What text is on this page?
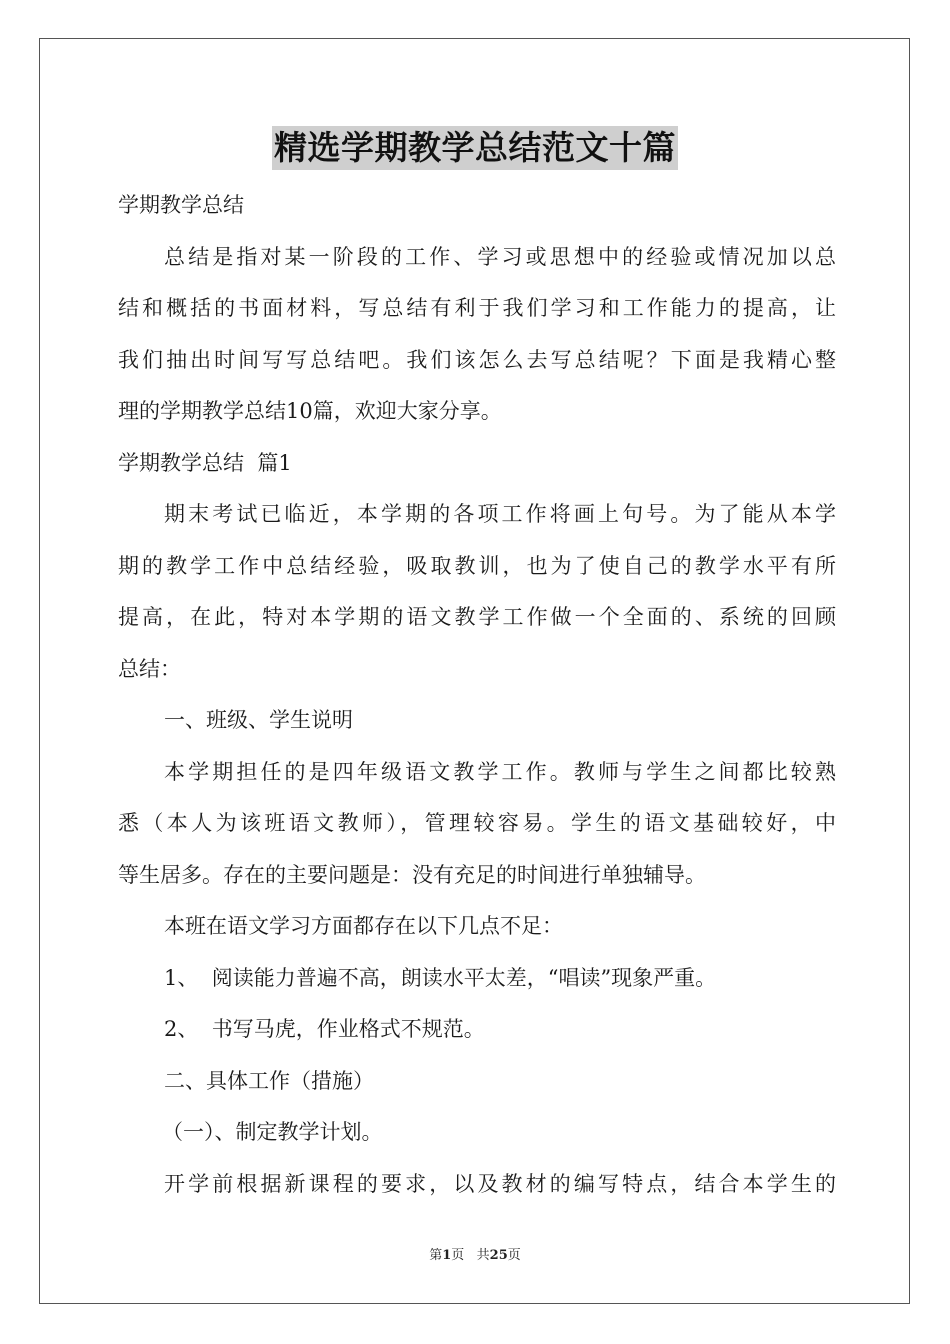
精选学期教学总结范文十篇
学期教学总结
总结是指对某一阶段的工作、学习或思想中的经验或情况加以总
结和概括的书面材料，写总结有利于我们学习和工作能力的提高，让
我们抽出时间写写总结吧。我们该怎么去写总结呢？下面是我精心整
理的学期教学总结10篇，欢迎大家分享。
学期教学总结  篇1
期末考试已临近，本学期的各项工作将画上句号。为了能从本学
期的教学工作中总结经验，吸取教训，也为了使自己的教学水平有所
提高，在此，特对本学期的语文教学工作做一个全面的、系统的回顾
总结：
一、班级、学生说明
本学期担任的是四年级语文教学工作。教师与学生之间都比较熟
悉（本人为该班语文教师），管理较容易。学生的语文基础较好，中
等生居多。存在的主要问题是：没有充足的时间进行单独辅导。
本班在语文学习方面都存在以下几点不足：
1、  阅读能力普遍不高，朗读水平太差，“唱读”现象严重。
2、  书写马虎，作业格式不规范。
二、具体工作（措施）
（一）、制定教学计划。
开学前根据新课程的要求，以及教材的编写特点，结合本学生的
第1页   共25页
